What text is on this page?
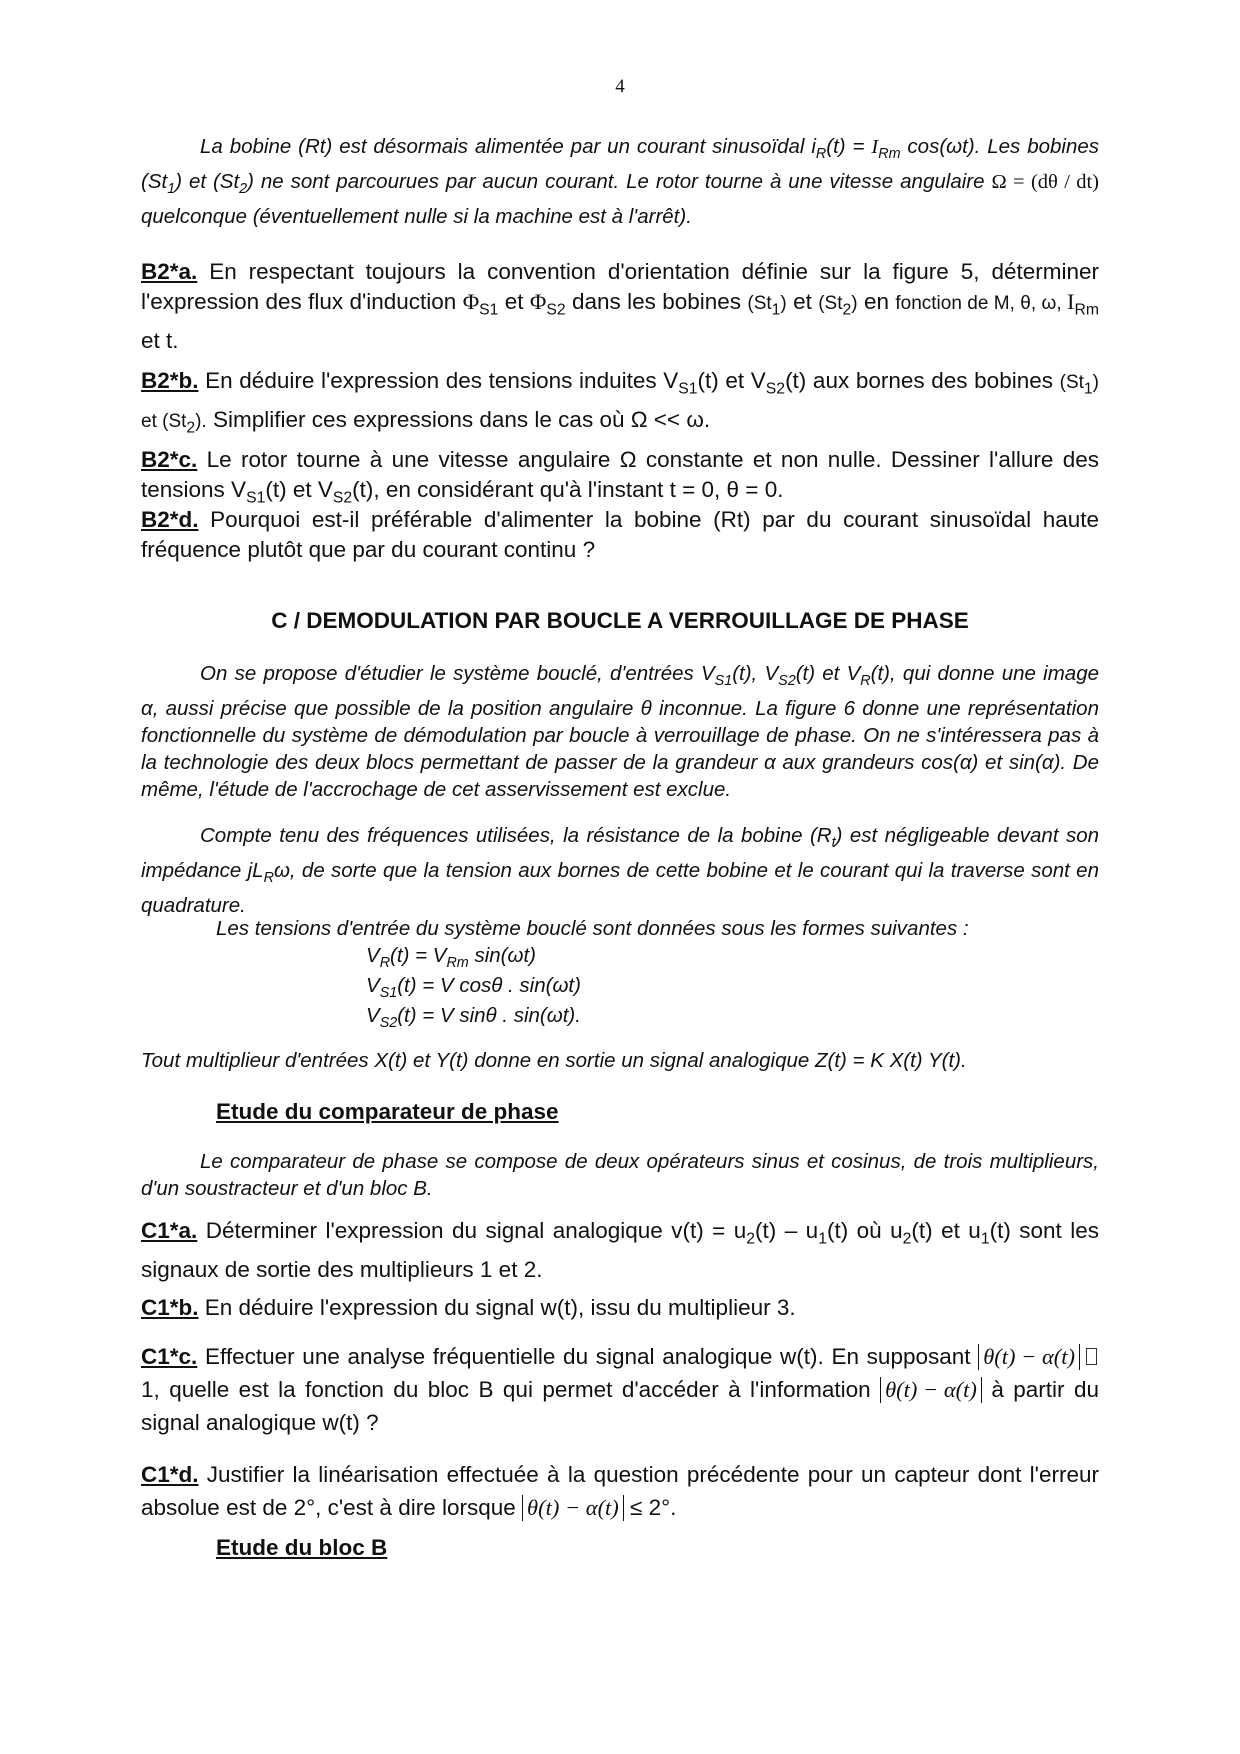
4

La bobine (Rt) est désormais alimentée par un courant sinusoïdal $i_R(t) = I_{Rm}$ cos(ωt). Les bobines $(St_1)$ et $(St_2)$ ne sont parcourues par aucun courant. Le rotor tourne à une vitesse angulaire Ω = (dθ / dt) quelconque (éventuellement nulle si la machine est à l'arrêt).

B2*a. En respectant toujours la convention d'orientation définie sur la figure 5, déterminer l'expression des flux d'induction $\Phi_{S1}$ et $\Phi_{S2}$ dans les bobines $(St_1)$ et $(St_2)$ en fonction de M, θ, ω, $I_{Rm}$ et t.

B2*b. En déduire l'expression des tensions induites $V_{S1}(t)$ et $V_{S2}(t)$ aux bornes des bobines $(St_1)$ et $(St_2)$. Simplifier ces expressions dans le cas où Ω << ω.

B2*c. Le rotor tourne à une vitesse angulaire Ω constante et non nulle. Dessiner l'allure des tensions $V_{S1}(t)$ et $V_{S2}(t)$, en considérant qu'à l'instant t = 0, θ = 0.

B2*d. Pourquoi est-il préférable d'alimenter la bobine (Rt) par du courant sinusoïdal haute fréquence plutôt que par du courant continu ?

C / DEMODULATION PAR BOUCLE A VERROUILLAGE DE PHASE

On se propose d'étudier le système bouclé, d'entrées $V_{S1}(t)$, $V_{S2}(t)$ et $V_R(t)$, qui donne une image α, aussi précise que possible de la position angulaire θ inconnue. La figure 6 donne une représentation fonctionnelle du système de démodulation par boucle à verrouillage de phase. On ne s'intéressera pas à la technologie des deux blocs permettant de passer de la grandeur α aux grandeurs cos(α) et sin(α). De même, l'étude de l'accrochage de cet asservissement est exclue.

Compte tenu des fréquences utilisées, la résistance de la bobine $(R_t)$ est négligeable devant son impédance $jL_R\omega$, de sorte que la tension aux bornes de cette bobine et le courant qui la traverse sont en quadrature.

Les tensions d'entrée du système bouclé sont données sous les formes suivantes :

$V_R(t) = V_{Rm}$ sin(ωt)
$V_{S1}(t) = V$ cosθ . sin(ωt)
$V_{S2}(t) = V$ sinθ . sin(ωt).

Tout multiplieur d'entrées X(t) et Y(t) donne en sortie un signal analogique Z(t) = K X(t) Y(t).

Etude du comparateur de phase

Le comparateur de phase se compose de deux opérateurs sinus et cosinus, de trois multiplieurs, d'un soustracteur et d'un bloc B.

C1*a. Déterminer l'expression du signal analogique $v(t) = u_2(t) - u_1(t)$ où $u_2(t)$ et $u_1(t)$ sont les signaux de sortie des multiplieurs 1 et 2.

C1*b. En déduire l'expression du signal w(t), issu du multiplieur 3.

C1*c. Effectuer une analyse fréquentielle du signal analogique w(t). En supposant θ(t) − α(t) 1, quelle est la fonction du bloc B qui permet d'accéder à l'information θ(t) − α(t) à partir du signal analogique w(t) ?

C1*d. Justifier la linéarisation effectuée à la question précédente pour un capteur dont l'erreur absolue est de 2°, c'est à dire lorsque θ(t) − α(t) ≤ 2°.

Etude du bloc B
